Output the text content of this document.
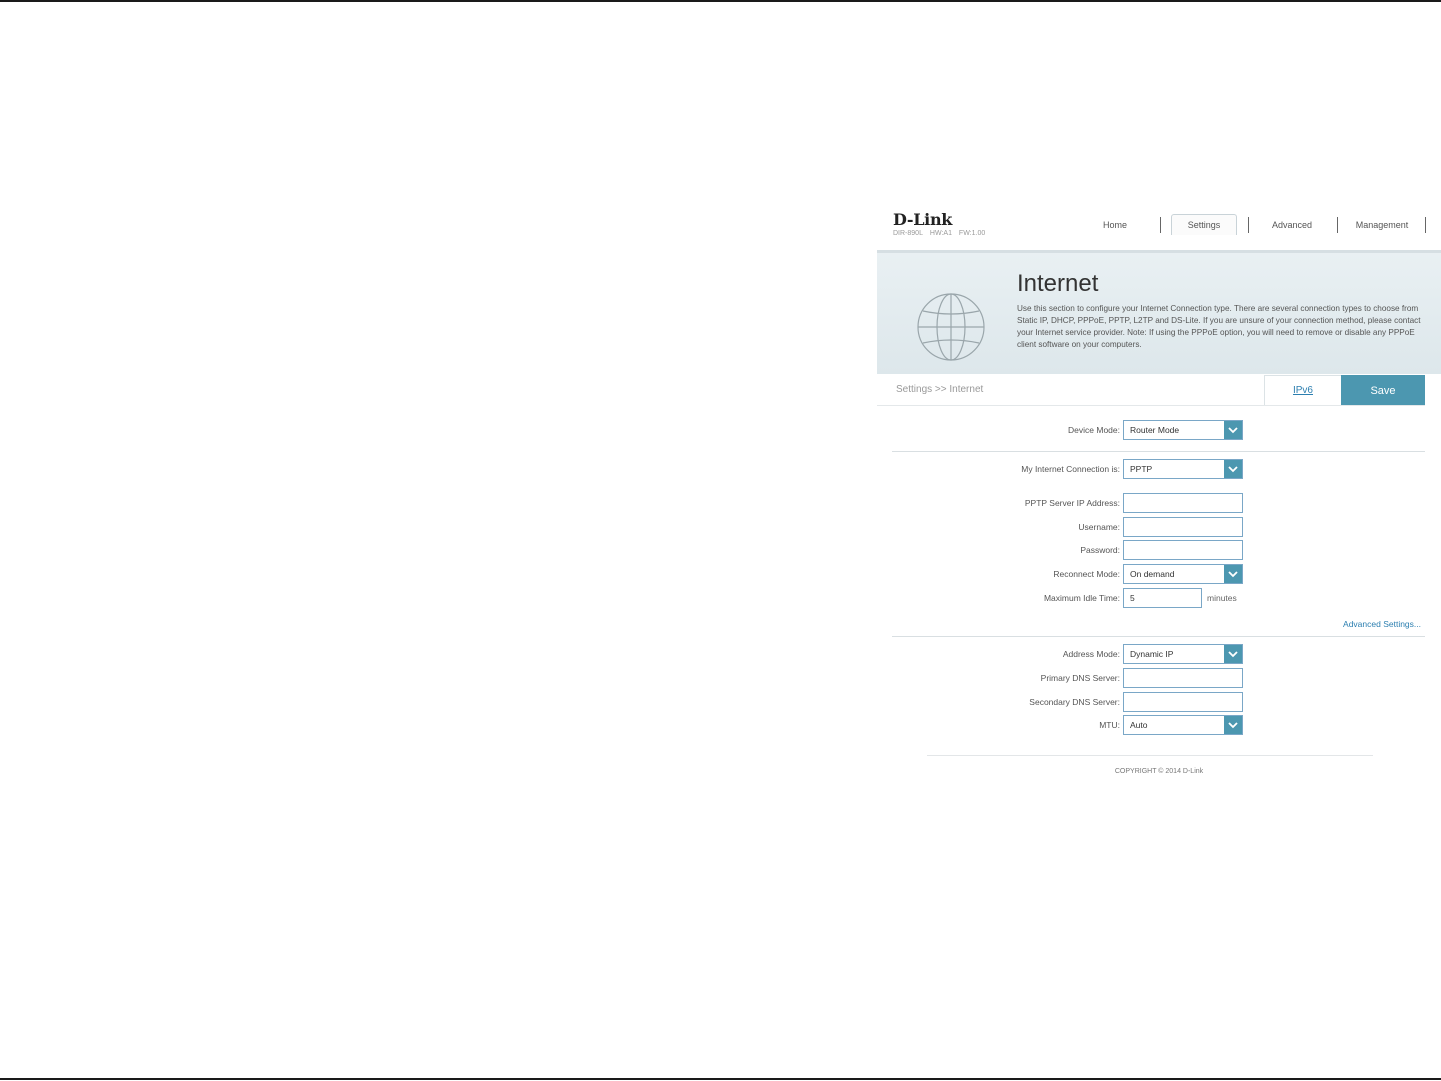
D-Link
DIR-890L HW:A1 FW:1.00
Home	Settings	Advanced	Management
Internet
Use this section to configure your Internet Connection type. There are several connection types to choose from Static IP, DHCP, PPPoE, PPTP, L2TP and DS-Lite. If you are unsure of your connection method, please contact your Internet service provider. Note: If using the PPPoE option, you will need to remove or disable any PPPoE client software on your computers.
Settings >> Internet	IPv6	Save
Device Mode: Router Mode
My Internet Connection is: PPTP
PPTP Server IP Address:
Username:
Password:
Reconnect Mode: On demand
Maximum Idle Time: 5	minutes
Advanced Settings...
Address Mode: Dynamic IP
Primary DNS Server:
Secondary DNS Server:
MTU: Auto
COPYRIGHT © 2014 D-Link
